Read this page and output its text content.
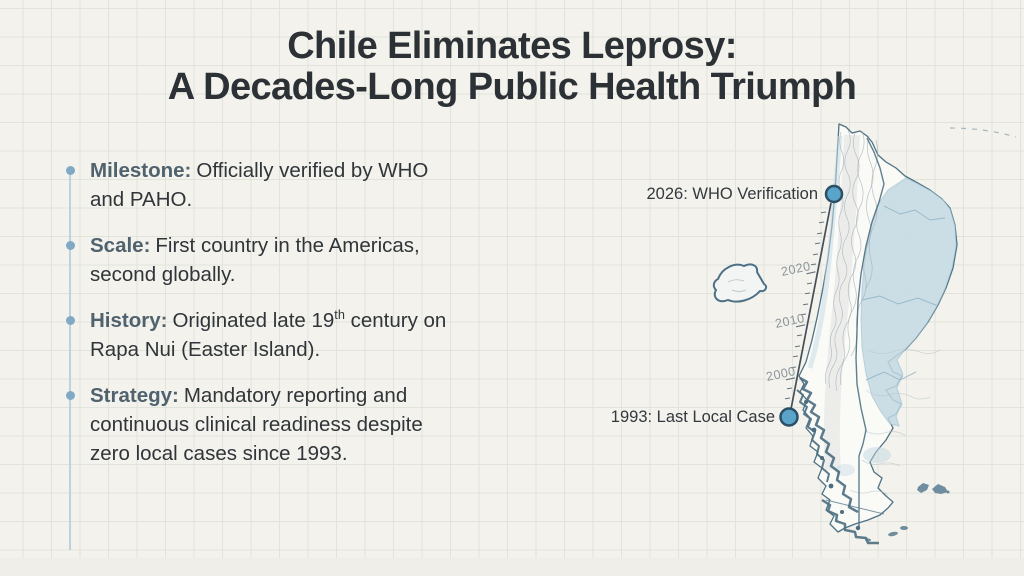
Chile Eliminates Leprosy:
A Decades-Long Public Health Triumph
Milestone: Officially verified by WHO and PAHO.
Scale: First country in the Americas, second globally.
History: Originated late 19th century on Rapa Nui (Easter Island).
Strategy: Mandatory reporting and continuous clinical readiness despite zero local cases since 1993.
2026: WHO Verification
1993: Last Local Case
2020
2010
2000
